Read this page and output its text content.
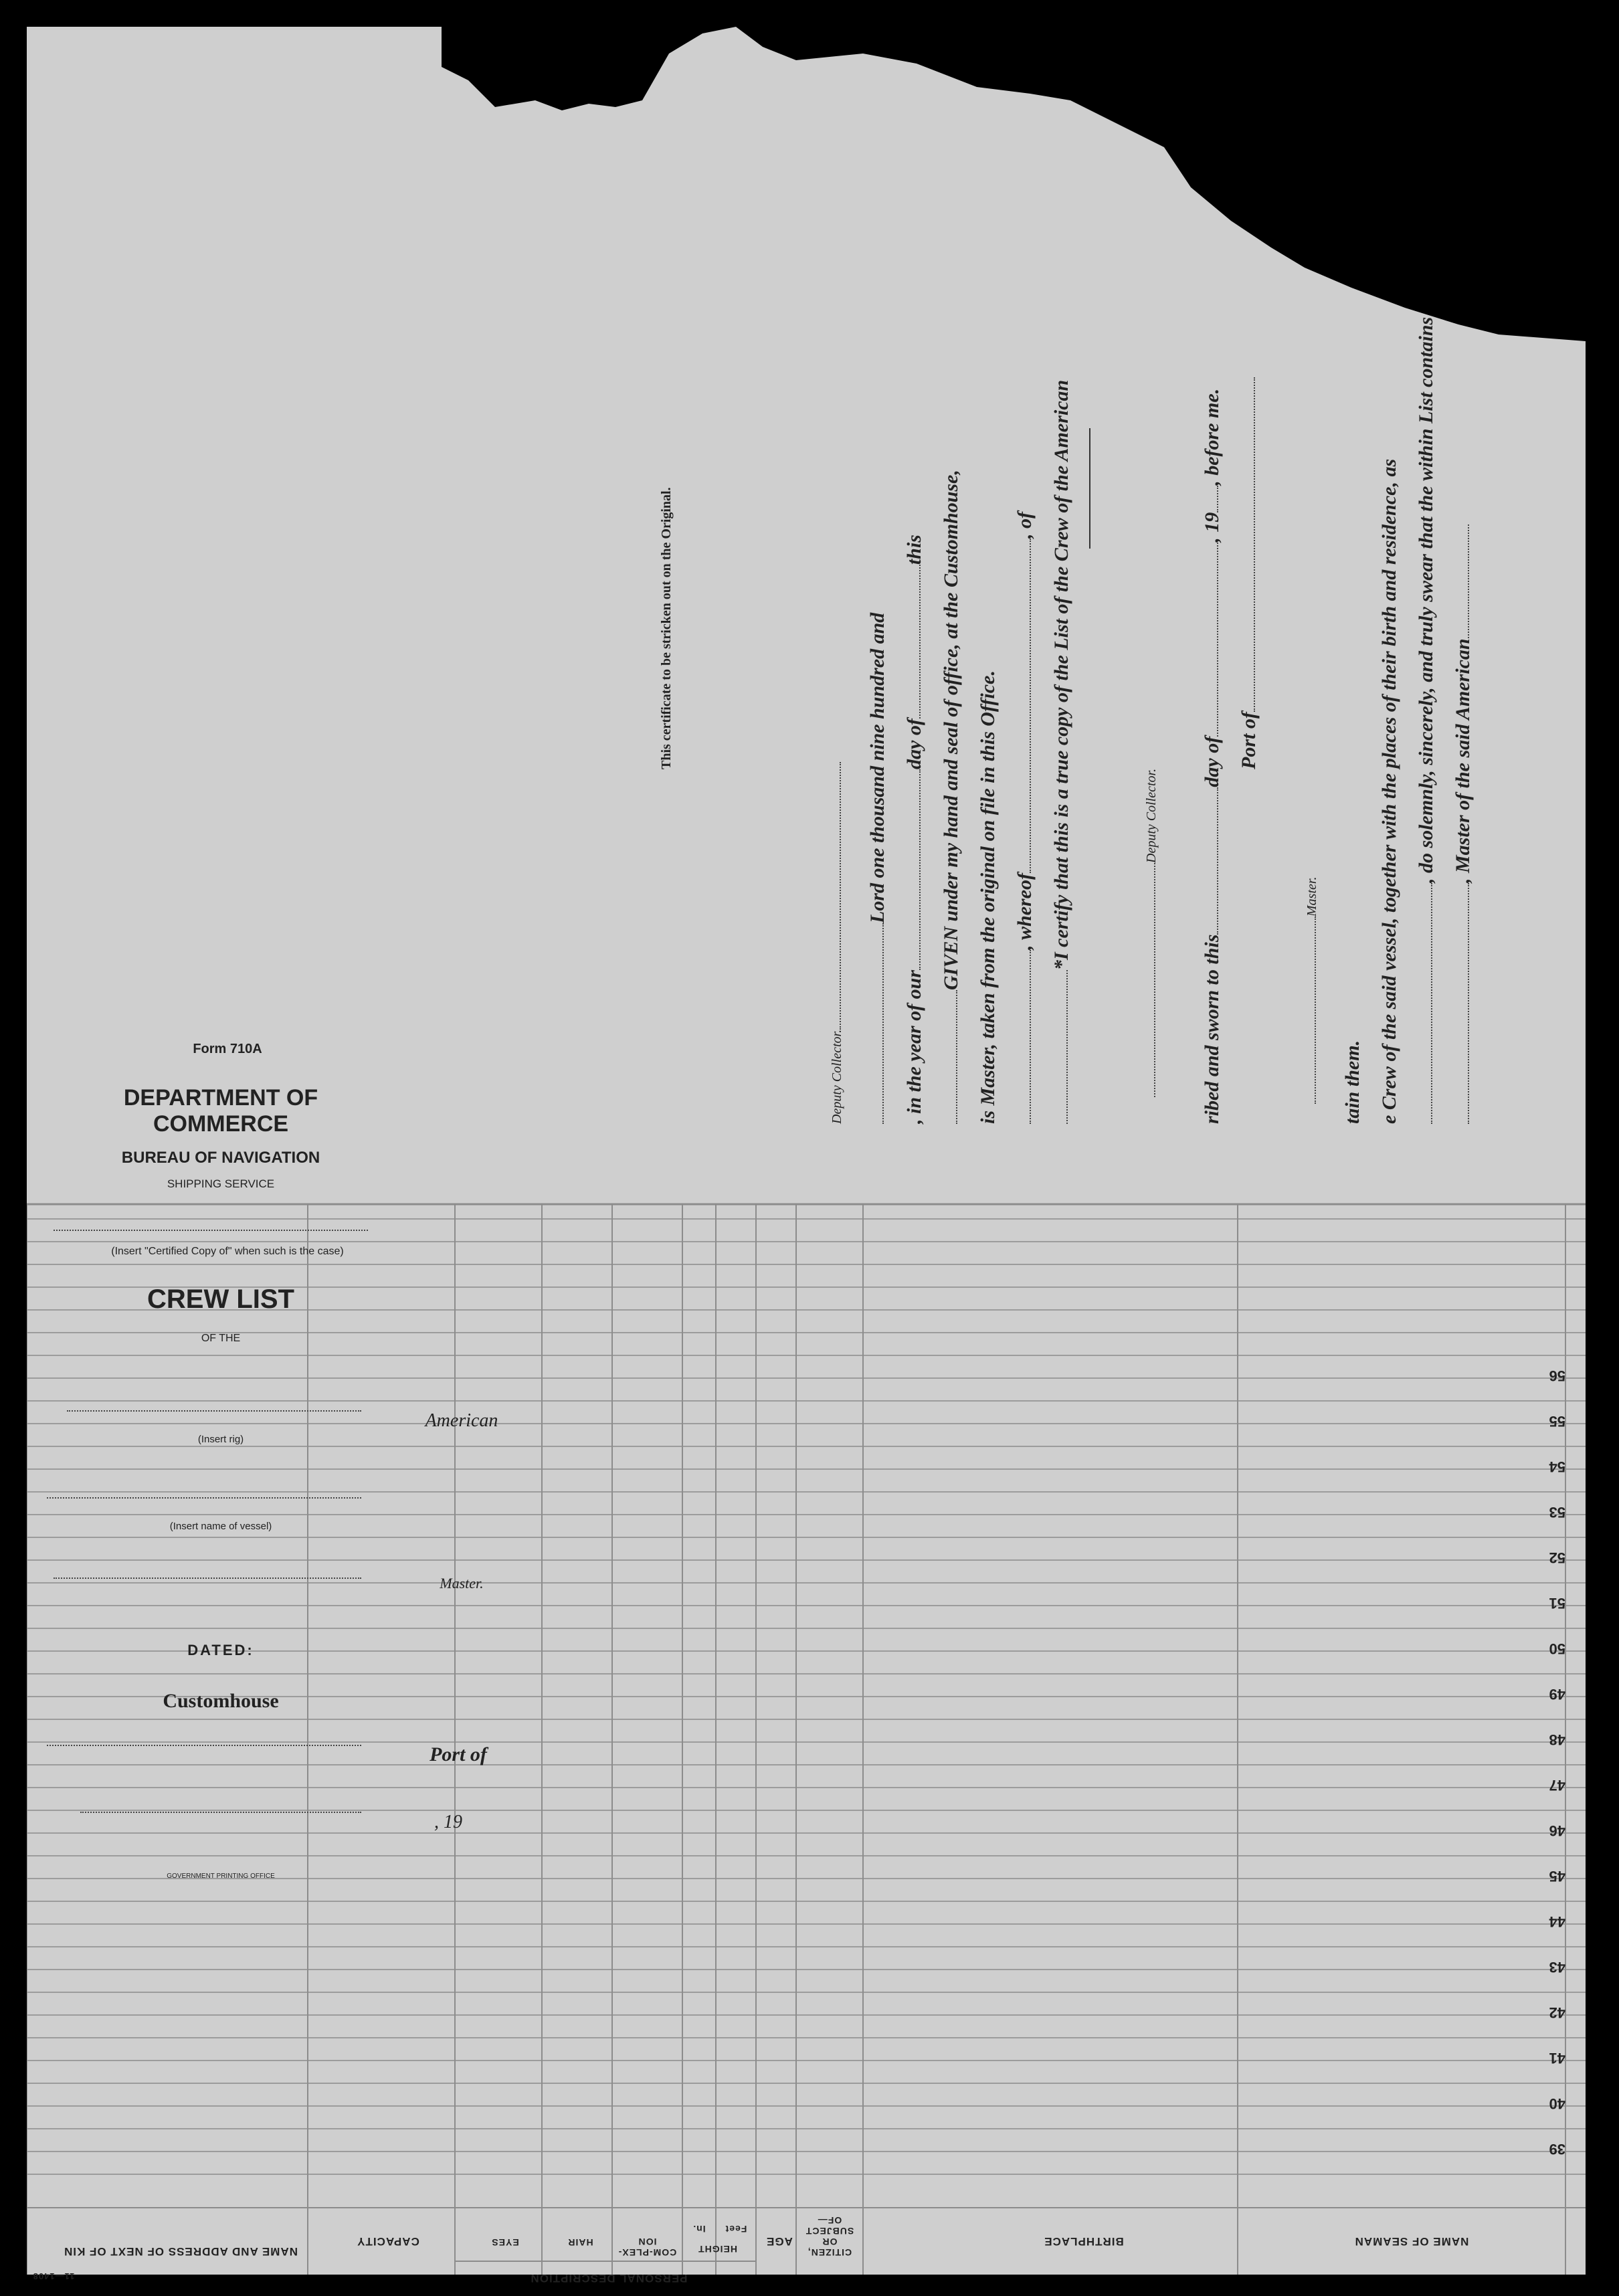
NAME OF SEAMAN
BIRTHPLACE
CITIZEN, OR SUBJECT OF—
AGE
PERSONAL DESCRIPTION
HEIGHT
Feet
In.
COM-PLEX-ION
HAIR
EYES
CAPACITY
NAME AND ADDRESS OF NEXT OF KIN
11—1408
39
40
41
42
43
44
45
46
47
48
49
50
51
52
53
54
55
56
, Master of the said American
, do solemnly, sincerely, and truly swear that the within List contains
e Crew of the said vessel, together with the places of their birth and residence, as
tain them.
Master.
Port of
ribed and sworn to thisday of, 19, before me.
Deputy Collector.
*I certify that this is a true copy of the List of the Crew of the American
, whereof, of
is Master, taken from the original on file in this Office.
GIVEN under my hand and seal of office, at the Customhouse,
, in the year of ourday ofthis
Lord one thousand nine hundred and
Deputy Collector.
This certificate to be stricken out on the Original.
Form 710A
DEPARTMENT OF COMMERCE
BUREAU OF NAVIGATION
SHIPPING SERVICE
(Insert "Certified Copy of" when such is the case)
CREW LIST
OF THE
American
(Insert rig)
(Insert name of vessel)
Master.
DATED:
Customhouse
Port of
, 19
GOVERNMENT PRINTING OFFICE
